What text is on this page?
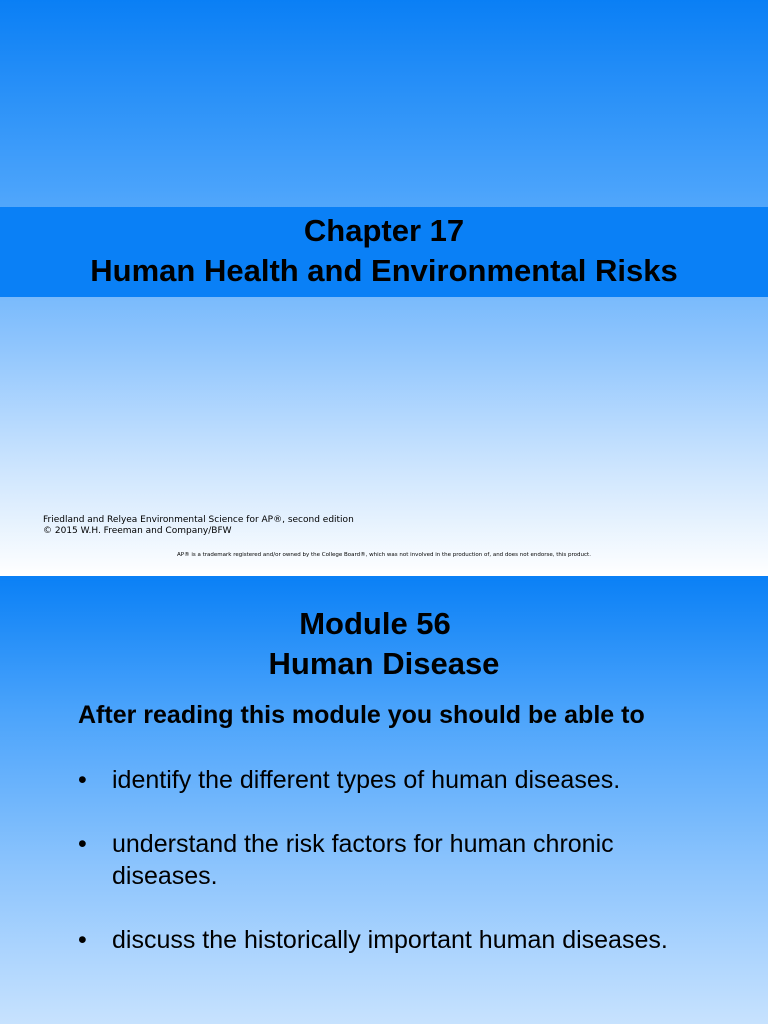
Chapter 17
Human Health and Environmental Risks
Friedland and Relyea Environmental Science for AP®, second edition
© 2015 W.H. Freeman and Company/BFW
AP® is a trademark registered and/or owned by the College Board®, which was not involved in the production of, and does not endorse, this product.
Module 56
Human Disease
After reading this module you should be able to
• identify the different types of human diseases.
• understand the risk factors for human chronic diseases.
• discuss the historically important human diseases.
